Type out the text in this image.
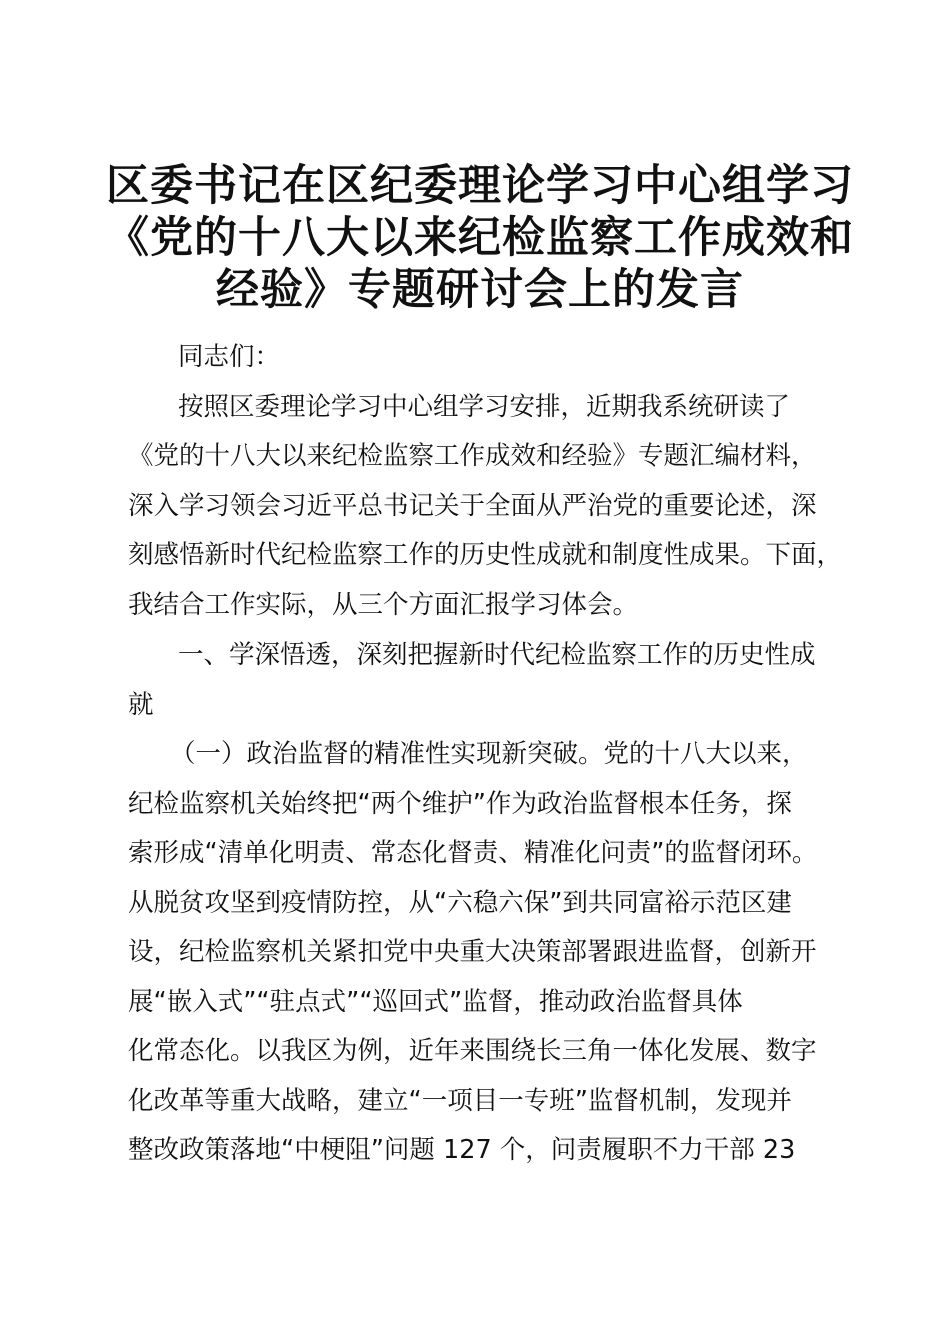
区委书记在区纪委理论学习中心组学习
《党的十八大以来纪检监察工作成效和
经验》专题研讨会上的发言
同志们：
按照区委理论学习中心组学习安排，近期我系统研读了
《党的十八大以来纪检监察工作成效和经验》专题汇编材料，
深入学习领会习近平总书记关于全面从严治党的重要论述，深
刻感悟新时代纪检监察工作的历史性成就和制度性成果。下面，
我结合工作实际，从三个方面汇报学习体会。
一、学深悟透，深刻把握新时代纪检监察工作的历史性成
就
（一）政治监督的精准性实现新突破。党的十八大以来，
纪检监察机关始终把“两个维护”作为政治监督根本任务，探
索形成“清单化明责、常态化督责、精准化问责”的监督闭环。
从脱贫攻坚到疫情防控，从“六稳六保”到共同富裕示范区建
设，纪检监察机关紧扣党中央重大决策部署跟进监督，创新开
展“嵌入式”“驻点式”“巡回式”监督，推动政治监督具体
化常态化。以我区为例，近年来围绕长三角一体化发展、数字
化改革等重大战略，建立“一项目一专班”监督机制，发现并
整改政策落地“中梗阻”问题 127 个，问责履职不力干部 23
